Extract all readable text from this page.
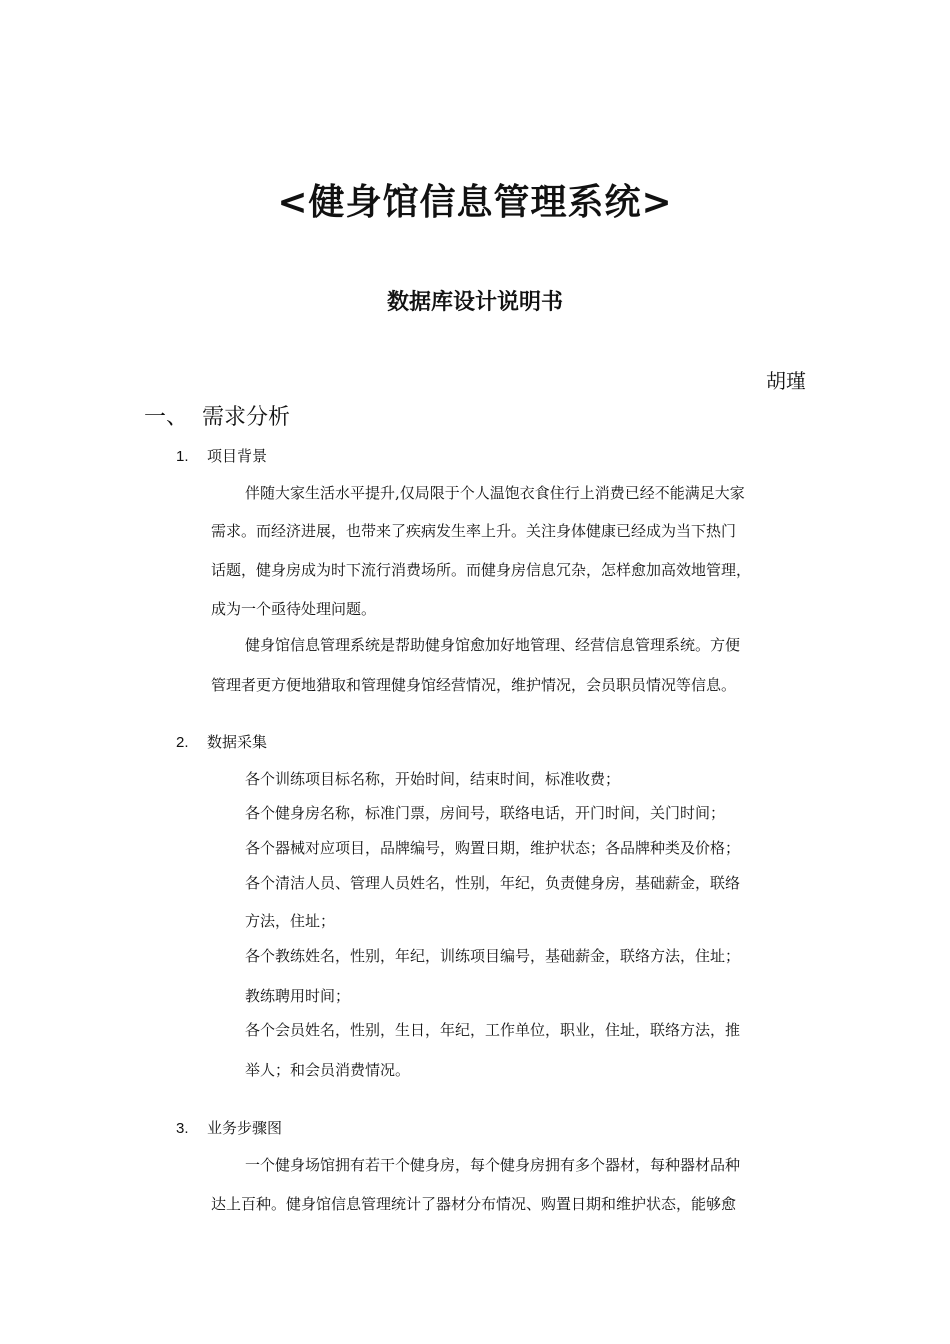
<健身馆信息管理系统>
数据库设计说明书
胡瑾
一、 需求分析
1. 项目背景

伴随大家生活水平提升,仅局限于个人温饱衣食住行上消费已经不能满足大家

需求。而经济进展，也带来了疾病发生率上升。关注身体健康已经成为当下热门

话题，健身房成为时下流行消费场所。而健身房信息冗杂，怎样愈加高效地管理，

成为一个亟待处理问题。

健身馆信息管理系统是帮助健身馆愈加好地管理、经营信息管理系统。方便

管理者更方便地猎取和管理健身馆经营情况，维护情况，会员职员情况等信息。

2. 数据采集

各个训练项目标名称，开始时间，结束时间，标准收费；

各个健身房名称，标准门票，房间号，联络电话，开门时间，关门时间；

各个器械对应项目，品牌编号，购置日期，维护状态；各品牌种类及价格；

各个清洁人员、管理人员姓名，性别，年纪，负责健身房，基础薪金，联络

方法，住址；

各个教练姓名，性别，年纪，训练项目编号，基础薪金，联络方法，住址；

教练聘用时间；

各个会员姓名，性别，生日，年纪，工作单位，职业，住址，联络方法，推

举人；和会员消费情况。

3. 业务步骤图

一个健身场馆拥有若干个健身房，每个健身房拥有多个器材，每种器材品种

达上百种。健身馆信息管理统计了器材分布情况、购置日期和维护状态，能够愈
